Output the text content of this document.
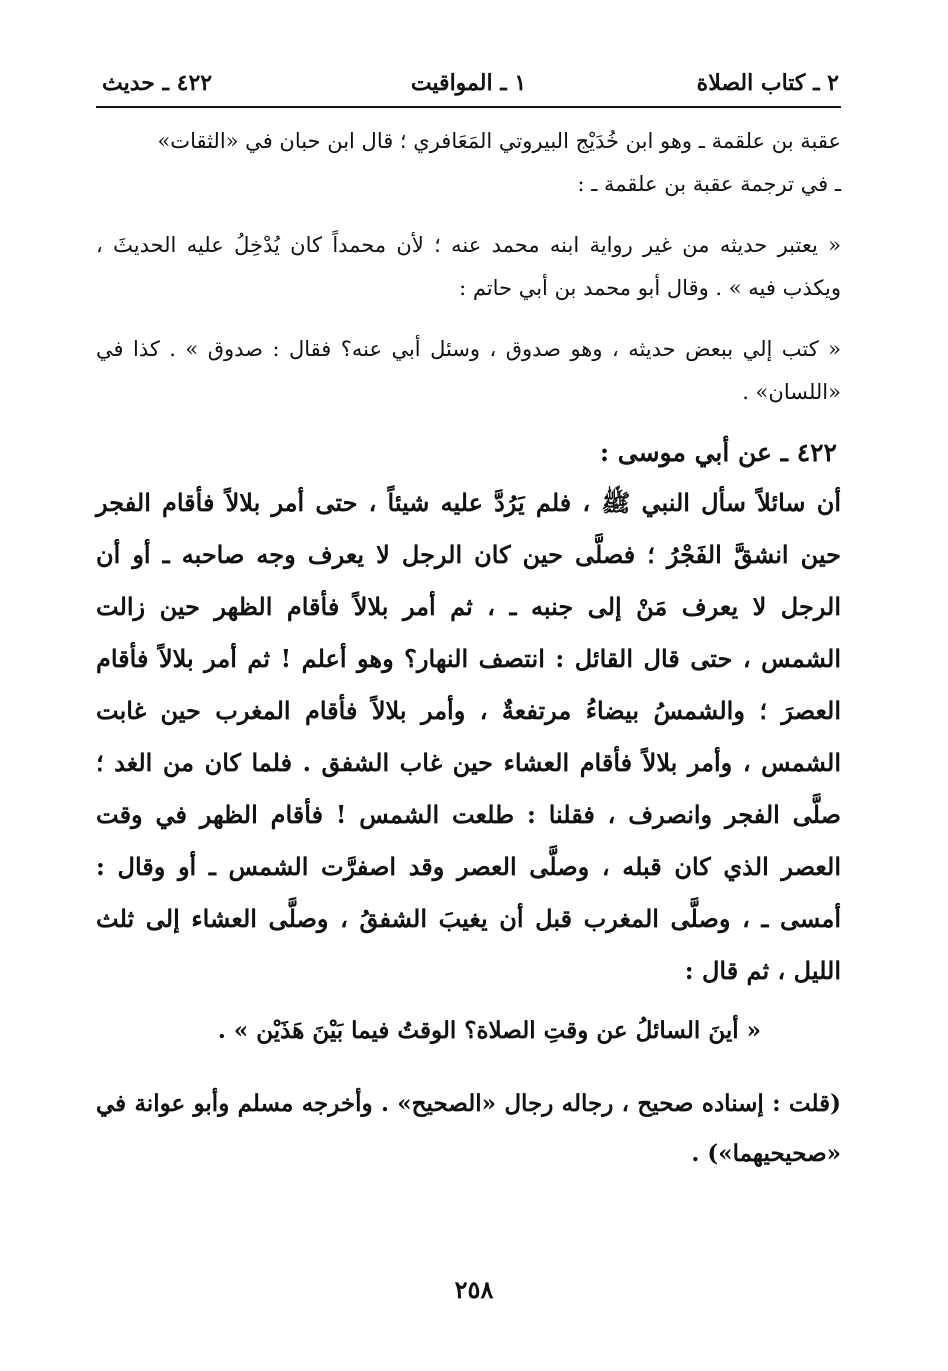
٢ ـ كتاب الصلاة
١ ـ المواقيت
٤٢٢ ـ حديث

عقبة بن علقمة ـ وهو ابن خُدَيْج البيروتي المَعَافري ؛ قال ابن حبان في «الثقات»
ـ في ترجمة عقبة بن علقمة ـ :

« يعتبر حديثه من غير رواية ابنه محمد عنه ؛ لأن محمداً كان يُدْخِلُ عليه الحديثَ ، ويكذب فيه » . وقال أبو محمد بن أبي حاتم :

« كتب إلي ببعض حديثه ، وهو صدوق ، وسئل أبي عنه؟ فقال : صدوق » . كذا في «اللسان» .

٤٢٢ ـ عن أبي موسى :

أن سائلاً سأل النبي ﷺ ، فلم يَرُدَّ عليه شيئاً ، حتى أمر بلالاً فأقام الفجر حين انشقَّ الفَجْرُ ؛ فصلَّى حين كان الرجل لا يعرف وجه صاحبه ـ أو أن الرجل لا يعرف مَنْ إلى جنبه ـ ، ثم أمر بلالاً فأقام الظهر حين زالت الشمس ، حتى قال القائل : انتصف النهار؟ وهو أعلم ! ثم أمر بلالاً فأقام العصرَ ؛ والشمسُ بيضاءُ مرتفعةٌ ، وأمر بلالاً فأقام المغرب حين غابت الشمس ، وأمر بلالاً فأقام العشاء حين غاب الشفق . فلما كان من الغد ؛ صلَّى الفجر وانصرف ، فقلنا : طلعت الشمس ! فأقام الظهر في وقت العصر الذي كان قبله ، وصلَّى العصر وقد اصفرَّت الشمس ـ أو وقال : أمسى ـ ، وصلَّى المغرب قبل أن يغيبَ الشفقُ ، وصلَّى العشاء إلى ثلث الليل ، ثم قال :

« أينَ السائلُ عن وقتِ الصلاة؟ الوقتُ فيما بَيْنَ هَذَيْن » .

(قلت : إسناده صحيح ، رجاله رجال «الصحيح» . وأخرجه مسلم وأبو عوانة في «صحيحيهما») .

٢٥٨
